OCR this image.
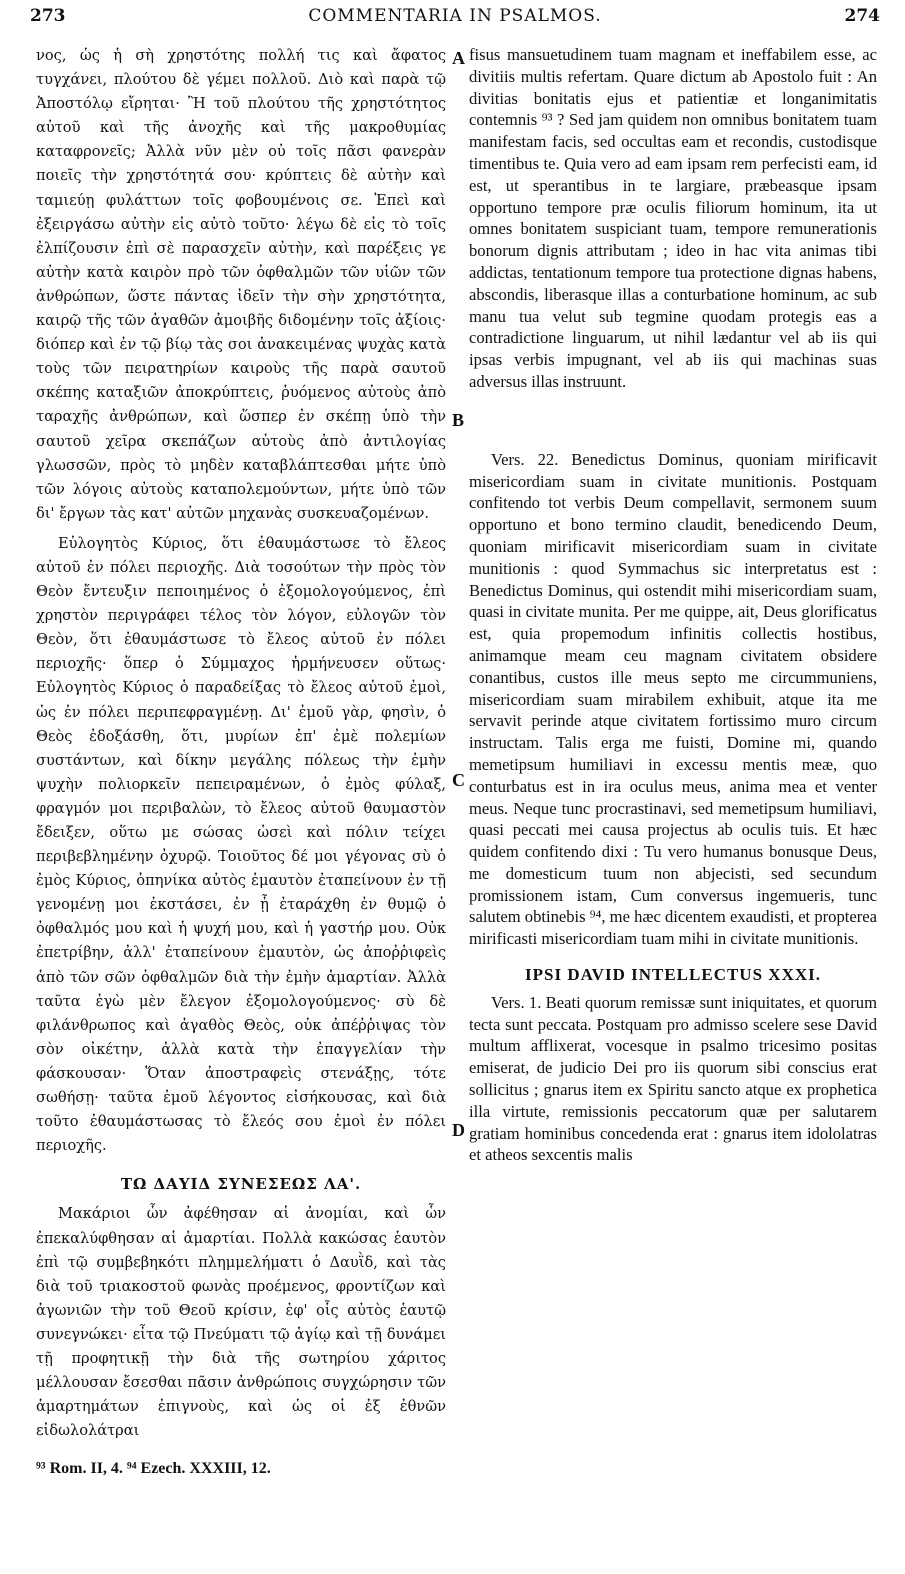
273	COMMENTARIA IN PSALMOS.	274

νος, ὡς ἡ σὴ χρηστότης πολλή τις καὶ ἄφατος τυγχάνει, πλούτου δὲ γέμει πολλοῦ. Διὸ καὶ παρὰ τῷ Ἀποστόλῳ εἴρηται· Ἢ τοῦ πλούτου τῆς χρηστότητος αὐτοῦ καὶ τῆς ἀνοχῆς καὶ τῆς μακροθυμίας καταφρονεῖς; Ἀλλὰ νῦν μὲν οὐ τοῖς πᾶσι φανερὰν ποιεῖς τὴν χρηστότητά σου· κρύπτεις δὲ αὐτὴν καὶ ταμιεύῃ φυλάττων τοῖς φοβουμένοις σε. Ἐπεὶ καὶ ἐξειργάσω αὐτὴν εἰς αὐτὸ τοῦτο· λέγω δὲ εἰς τὸ τοῖς ἐλπίζουσιν ἐπὶ σὲ παρασχεῖν αὐτὴν, καὶ παρέξεις γε αὐτὴν κατὰ καιρὸν πρὸ τῶν ὀφθαλμῶν τῶν υἱῶν τῶν ἀνθρώπων, ὥστε πάντας ἰδεῖν τὴν σὴν χρηστότητα, καιρῷ τῆς τῶν ἀγαθῶν ἀμοιβῆς διδομένην τοῖς ἀξίοις· διόπερ καὶ ἐν τῷ βίῳ τὰς σοι ἀνακειμένας ψυχὰς κατὰ τοὺς τῶν πειρατηρίων καιροὺς τῆς παρὰ σαυτοῦ σκέπης καταξιῶν ἀποκρύπτεις, ῥυόμενος αὐτοὺς ἀπὸ ταραχῆς ἀνθρώπων, καὶ ὥσπερ ἐν σκέπῃ ὑπὸ τὴν σαυτοῦ χεῖρα σκεπάζων αὐτοὺς ἀπὸ ἀντιλογίας γλωσσῶν, πρὸς τὸ μηδὲν καταβλάπτεσθαι μήτε ὑπὸ τῶν λόγοις αὐτοὺς καταπολεμούντων, μήτε ὑπὸ τῶν δι' ἔργων τὰς κατ' αὐτῶν μηχανὰς συσκευαζομένων.

Εὐλογητὸς Κύριος, ὅτι ἐθαυμάστωσε τὸ ἔλεος αὐτοῦ ἐν πόλει περιοχῆς. Διὰ τοσούτων τὴν πρὸς τὸν Θεὸν ἔντευξιν πεποιημένος ὁ ἐξομολογούμενος, ἐπὶ χρηστὸν περιγράφει τέλος τὸν λόγον, εὐλογῶν τὸν Θεὸν, ὅτι ἐθαυμάστωσε τὸ ἔλεος αὐτοῦ ἐν πόλει περιοχῆς· ὅπερ ὁ Σύμμαχος ἡρμήνευσεν οὕτως· Εὐλογητὸς Κύριος ὁ παραδείξας τὸ ἔλεος αὐτοῦ ἐμοὶ, ὡς ἐν πόλει περιπεφραγμένῃ. Δι' ἐμοῦ γὰρ, φησὶν, ὁ Θεὸς ἐδοξάσθη, ὅτι, μυρίων ἐπ' ἐμὲ πολεμίων συστάντων, καὶ δίκην μεγάλης πόλεως τὴν ἐμὴν ψυχὴν πολιορκεῖν πεπειραμένων, ὁ ἐμὸς φύλαξ, φραγμόν μοι περιβαλὼν, τὸ ἔλεος αὐτοῦ θαυμαστὸν ἔδειξεν, οὕτω με σώσας ὡσεὶ καὶ πόλιν τείχει περιβεβλημένην ὀχυρῷ. Τοιοῦτος δέ μοι γέγονας σὺ ὁ ἐμὸς Κύριος, ὁπηνίκα αὐτὸς ἐμαυτὸν ἐταπείνουν ἐν τῇ γενομένῃ μοι ἐκστάσει, ἐν ᾗ ἐταράχθη ἐν θυμῷ ὁ ὀφθαλμός μου καὶ ἡ ψυχή μου, καὶ ἡ γαστήρ μου. Οὐκ ἐπετρίβην, ἀλλ' ἐταπείνουν ἐμαυτὸν, ὡς ἀποῤῥιφεὶς ἀπὸ τῶν σῶν ὀφθαλμῶν διὰ τὴν ἐμὴν ἁμαρτίαν. Ἀλλὰ ταῦτα ἐγὼ μὲν ἔλεγον ἐξομολογούμενος· σὺ δὲ φιλάνθρωπος καὶ ἀγαθὸς Θεὸς, οὐκ ἀπέῤῥιψας τὸν σὸν οἰκέτην, ἀλλὰ κατὰ τὴν ἐπαγγελίαν τὴν φάσκουσαν· Ὅταν ἀποστραφεὶς στενάξῃς, τότε σωθήσῃ· ταῦτα ἐμοῦ λέγοντος εἰσήκουσας, καὶ διὰ τοῦτο ἐθαυμάστωσας τὸ ἔλεός σου ἐμοὶ ἐν πόλει περιοχῆς.

ΤΩ ΔΑΥΙΔ ΣΥΝΕΣΕΩΣ ΛΑ'.

Μακάριοι ὧν ἀφέθησαν αἱ ἀνομίαι, καὶ ὧν ἐπεκαλύφθησαν αἱ ἁμαρτίαι. Πολλὰ κακώσας ἑαυτὸν ἐπὶ τῷ συμβεβηκότι πλημμελήματι ὁ Δαυῒδ, καὶ τὰς διὰ τοῦ τριακοστοῦ φωνὰς προέμενος, φροντίζων καὶ ἀγωνιῶν τὴν τοῦ Θεοῦ κρίσιν, ἐφ' οἷς αὐτὸς ἑαυτῷ συνεγνώκει· εἶτα τῷ Πνεύματι τῷ ἁγίῳ καὶ τῇ δυνάμει τῇ προφητικῇ τὴν διὰ τῆς σωτηρίου χάριτος μέλλουσαν ἔσεσθαι πᾶσιν ἀνθρώποις συγχώρησιν τῶν ἁμαρτημάτων ἐπιγνοὺς, καὶ ὡς οἱ ἐξ ἐθνῶν εἰδωλολάτραι

fisus mansuetudinem tuam magnam et ineffabilem esse, ac divitiis multis refertam. Quare dictum ab Apostolo fuit : An divitias bonitatis ejus et patientiæ et longanimitatis contemnis ⁹³ ? Sed jam quidem non omnibus bonitatem tuam manifestam facis, sed occultas eam et recondis, custodisque timentibus te. Quia vero ad eam ipsam rem perfecisti eam, id est, ut sperantibus in te largiare, præbeasque ipsam opportuno tempore præ oculis filiorum hominum, ita ut omnes bonitatem suspiciant tuam, tempore remunerationis bonorum dignis attributam ; ideo in hac vita animas tibi addictas, tentationum tempore tua protectione dignas habens, abscondis, liberasque illas a conturbatione hominum, ac sub manu tua velut sub tegmine quodam protegis eas a contradictione linguarum, ut nihil lædantur vel ab iis qui ipsas verbis impugnant, vel ab iis qui machinas suas adversus illas instruunt.

Vers. 22. Benedictus Dominus, quoniam mirificavit misericordiam suam in civitate munitionis. Postquam confitendo tot verbis Deum compellavit, sermonem suum opportuno et bono termino claudit, benedicendo Deum, quoniam mirificavit misericordiam suam in civitate munitionis : quod Symmachus sic interpretatus est : Benedictus Dominus, qui ostendit mihi misericordiam suam, quasi in civitate munita. Per me quippe, ait, Deus glorificatus est, quia propemodum infinitis collectis hostibus, animamque meam ceu magnam civitatem obsidere conantibus, custos ille meus septo me circummuniens, misericordiam suam mirabilem exhibuit, atque ita me servavit perinde atque civitatem fortissimo muro circum instructam. Talis erga me fuisti, Domine mi, quando memetipsum humiliavi in excessu mentis meæ, quo conturbatus est in ira oculus meus, anima mea et venter meus. Neque tunc procrastinavi, sed memetipsum humiliavi, quasi peccati mei causa projectus ab oculis tuis. Et hæc quidem confitendo dixi : Tu vero humanus bonusque Deus, me domesticum tuum non abjecisti, sed secundum promissionem istam, Cum conversus ingemueris, tunc salutem obtinebis ⁹⁴, me hæc dicentem exaudisti, et propterea mirificasti misericordiam tuam mihi in civitate munitionis.

IPSI DAVID INTELLECTUS XXXI.

Vers. 1. Beati quorum remissæ sunt iniquitates, et quorum tecta sunt peccata. Postquam pro admisso scelere sese David multum afflixerat, vocesque in psalmo tricesimo positas emiserat, de judicio Dei pro iis quorum sibi conscius erat sollicitus ; gnarus item ex Spiritu sancto atque ex prophetica illa virtute, remissionis peccatorum quæ per salutarem gratiam hominibus concedenda erat : gnarus item idololatras et atheos sexcentis malis

A
B
C
D
⁹³ Rom. II, 4. ⁹⁴ Ezech. XXXIII, 12.
